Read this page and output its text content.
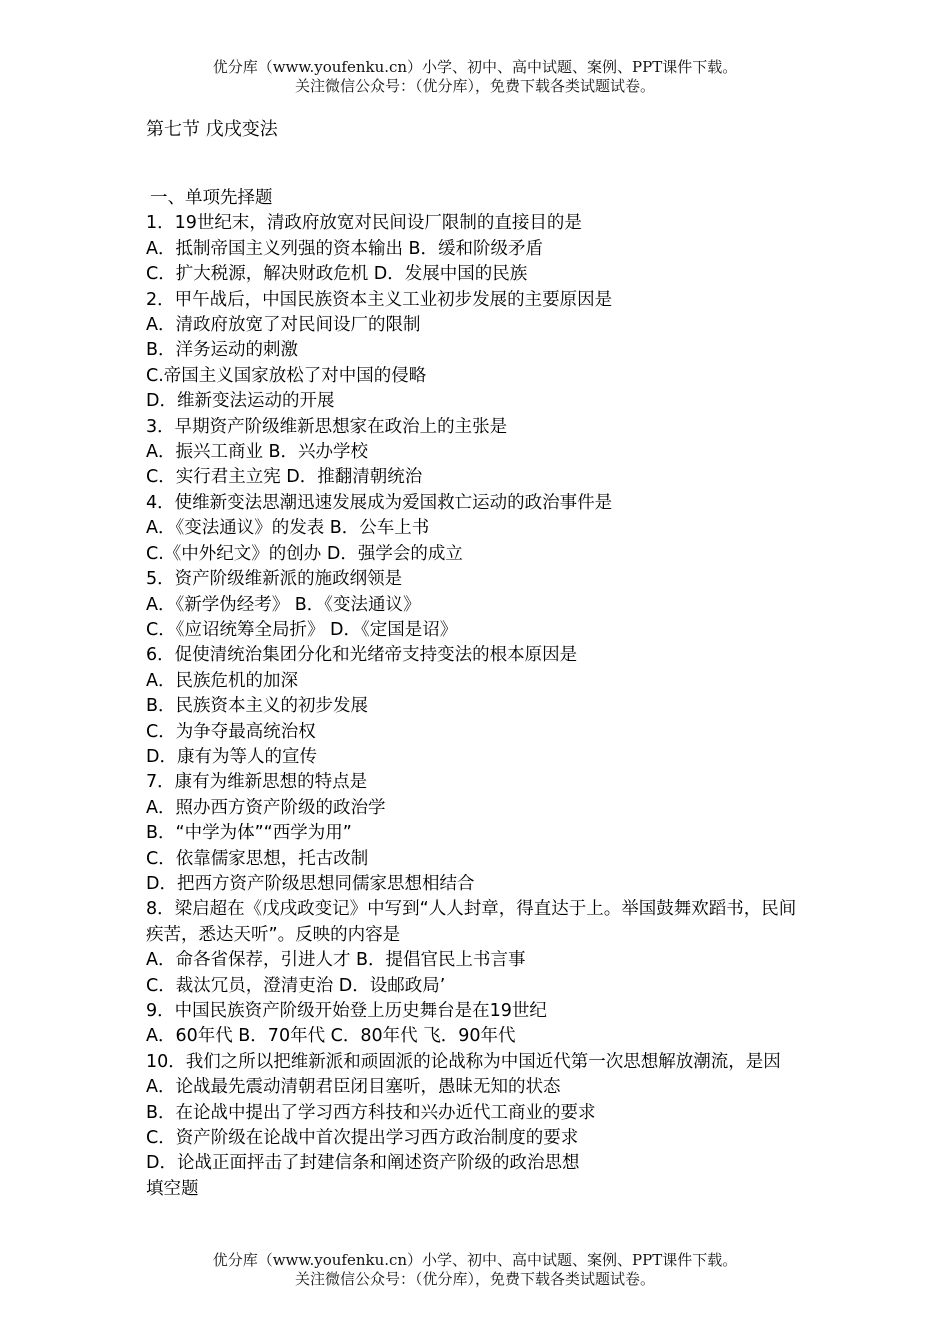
优分库（www.youfenku.cn）小学、初中、高中试题、案例、PPT课件下载。
关注微信公众号：（优分库），免费下载各类试题试卷。
第七节 戊戌变法
一、单项先择题
1．19世纪末，清政府放宽对民间设厂限制的直接目的是
A．抵制帝国主义列强的资本输出 B．缓和阶级矛盾
C．扩大税源，解决财政危机 D．发展中国的民族
2．甲午战后，中国民族资本主义工业初步发展的主要原因是
A．清政府放宽了对民间设厂的限制
B．洋务运动的刺激
C.帝国主义国家放松了对中国的侵略
D．维新变法运动的开展
3．早期资产阶级维新思想家在政治上的主张是
A．振兴工商业 B．兴办学校
C．实行君主立宪 D．推翻清朝统治
4．使维新变法思潮迅速发展成为爱国救亡运动的政治事件是
A．《变法通议》的发表 B．公车上书
C.《中外纪文》的创办 D．强学会的成立
5．资产阶级维新派的施政纲领是
A．《新学伪经考》 B．《变法通议》
C．《应诏统筹全局折》 D．《定国是诏》
6．促使清统治集团分化和光绪帝支持变法的根本原因是
A．民族危机的加深
B．民族资本主义的初步发展
C．为争夺最高统治权
D．康有为等人的宣传
7．康有为维新思想的特点是
A．照办西方资产阶级的政治学
B．“中学为体”“西学为用”
C．依靠儒家思想，托古改制
D．把西方资产阶级思想同儒家思想相结合
8．梁启超在《戊戌政变记》中写到“人人封章，得直达于上。举国鼓舞欢蹈书，民间疾苦，悉达天听”。反映的内容是
A．命各省保荐，引进人才 B．提倡官民上书言事
C．裁汰冗员，澄清吏治 D．设邮政局’
9．中国民族资产阶级开始登上历史舞台是在19世纪
A．60年代 B．70年代 C．80年代 飞．90年代
10．我们之所以把维新派和顽固派的论战称为中国近代第一次思想解放潮流，是因
A．论战最先震动清朝君臣闭目塞听，愚昧无知的状态
B．在论战中提出了学习西方科技和兴办近代工商业的要求
C．资产阶级在论战中首次提出学习西方政治制度的要求
D．论战正面抨击了封建信条和阐述资产阶级的政治思想
填空题
优分库（www.youfenku.cn）小学、初中、高中试题、案例、PPT课件下载。
关注微信公众号：（优分库），免费下载各类试题试卷。
